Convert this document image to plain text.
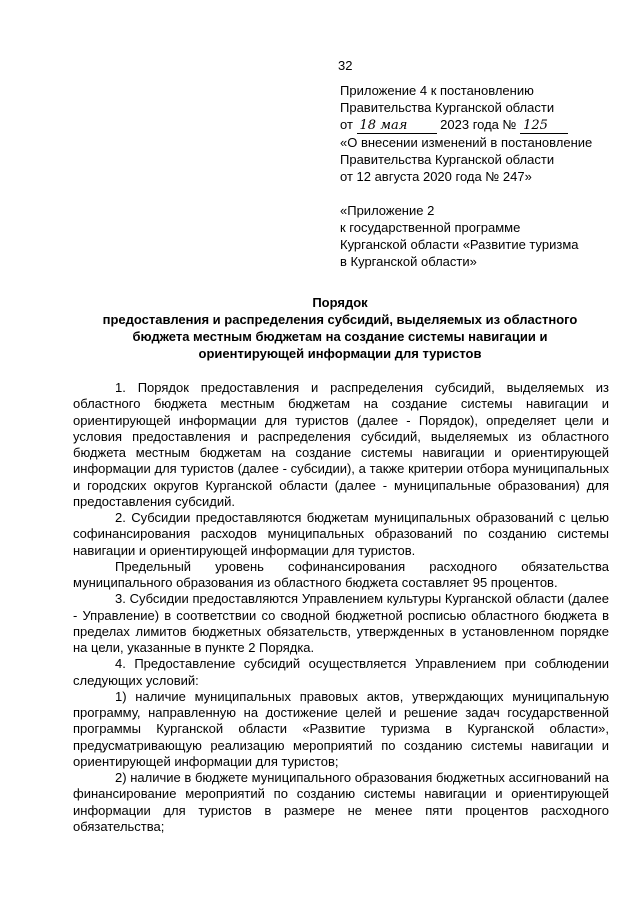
32
Приложение 4 к постановлению
Правительства Курганской области
от 18 мая	2023 года № 125
«О внесении изменений в постановление
Правительства Курганской области
от 12 августа 2020 года № 247»
«Приложение 2
к государственной программе
Курганской области «Развитие туризма
в Курганской области»
Порядок
предоставления и распределения субсидий, выделяемых из областного
бюджета местным бюджетам на создание системы навигации и
ориентирующей информации для туристов

1. Порядок предоставления и распределения субсидий, выделяемых из областного бюджета местным бюджетам на создание системы навигации и ориентирующей информации для туристов (далее - Порядок), определяет цели и условия предоставления и распределения субсидий, выделяемых из областного бюджета местным бюджетам на создание системы навигации и ориентирующей информации для туристов (далее - субсидии), а также критерии отбора муниципальных и городских округов Курганской области (далее - муниципальные образования) для предоставления субсидий.

2. Субсидии предоставляются бюджетам муниципальных образований с целью софинансирования расходов муниципальных образований по созданию системы навигации и ориентирующей информации для туристов.

Предельный уровень софинансирования расходного обязательства муниципального образования из областного бюджета составляет 95 процентов.

3. Субсидии предоставляются Управлением культуры Курганской области (далее - Управление) в соответствии со сводной бюджетной росписью областного бюджета в пределах лимитов бюджетных обязательств, утвержденных в установленном порядке на цели, указанные в пункте 2 Порядка.

4. Предоставление субсидий осуществляется Управлением при соблюдении следующих условий:

1) наличие муниципальных правовых актов, утверждающих муниципальную программу, направленную на достижение целей и решение задач государственной программы Курганской области «Развитие туризма в Курганской области», предусматривающую реализацию мероприятий по созданию системы навигации и ориентирующей информации для туристов;

2) наличие в бюджете муниципального образования бюджетных ассигнований на финансирование мероприятий по созданию системы навигации и ориентирующей информации для туристов в размере не менее пяти процентов расходного обязательства;
